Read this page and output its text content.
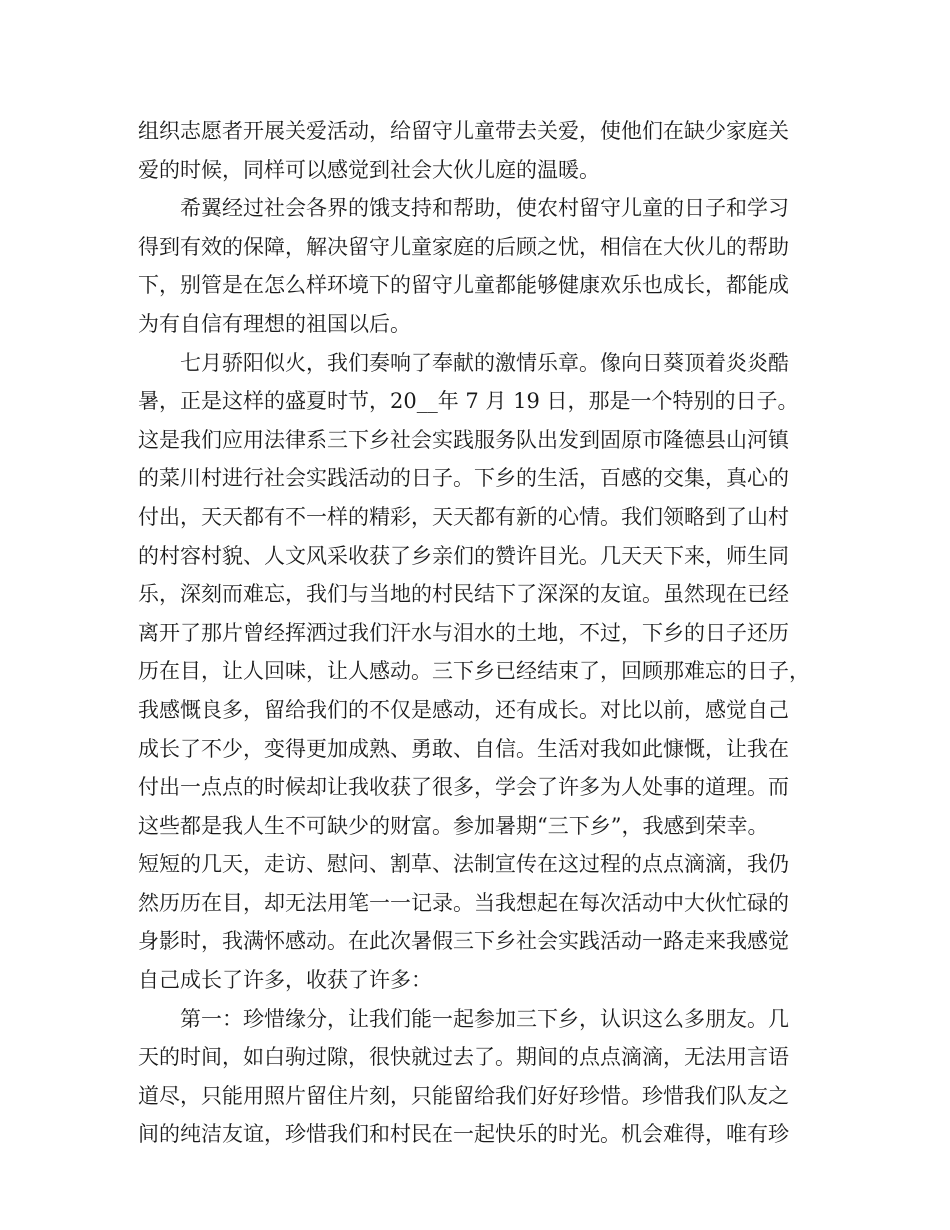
组织志愿者开展关爱活动，给留守儿童带去关爱，使他们在缺少家庭关
爱的时候，同样可以感觉到社会大伙儿庭的温暖。
希翼经过社会各界的饿支持和帮助，使农村留守儿童的日子和学习
得到有效的保障，解决留守儿童家庭的后顾之忧，相信在大伙儿的帮助
下，别管是在怎么样环境下的留守儿童都能够健康欢乐也成长，都能成
为有自信有理想的祖国以后。
七月骄阳似火，我们奏响了奉献的激情乐章。像向日葵顶着炎炎酷
暑，正是这样的盛夏时节，20__年 7 月 19 日，那是一个特别的日子。
这是我们应用法律系三下乡社会实践服务队出发到固原市隆德县山河镇
的菜川村进行社会实践活动的日子。下乡的生活，百感的交集，真心的
付出，天天都有不一样的精彩，天天都有新的心情。我们领略到了山村
的村容村貌、人文风采收获了乡亲们的赞许目光。几天天下来，师生同
乐，深刻而难忘，我们与当地的村民结下了深深的友谊。虽然现在已经
离开了那片曾经挥洒过我们汗水与泪水的土地，不过，下乡的日子还历
历在目，让人回味，让人感动。三下乡已经结束了，回顾那难忘的日子，
我感慨良多，留给我们的不仅是感动，还有成长。对比以前，感觉自己
成长了不少，变得更加成熟、勇敢、自信。生活对我如此慷慨，让我在
付出一点点的时候却让我收获了很多，学会了许多为人处事的道理。而
这些都是我人生不可缺少的财富。参加暑期“三下乡”，我感到荣幸。
短短的几天，走访、慰问、割草、法制宣传在这过程的点点滴滴，我仍
然历历在目，却无法用笔一一记录。当我想起在每次活动中大伙忙碌的
身影时，我满怀感动。在此次暑假三下乡社会实践活动一路走来我感觉
自己成长了许多，收获了许多：
第一：珍惜缘分，让我们能一起参加三下乡，认识这么多朋友。几
天的时间，如白驹过隙，很快就过去了。期间的点点滴滴，无法用言语
道尽，只能用照片留住片刻，只能留给我们好好珍惜。珍惜我们队友之
间的纯洁友谊，珍惜我们和村民在一起快乐的时光。机会难得，唯有珍
